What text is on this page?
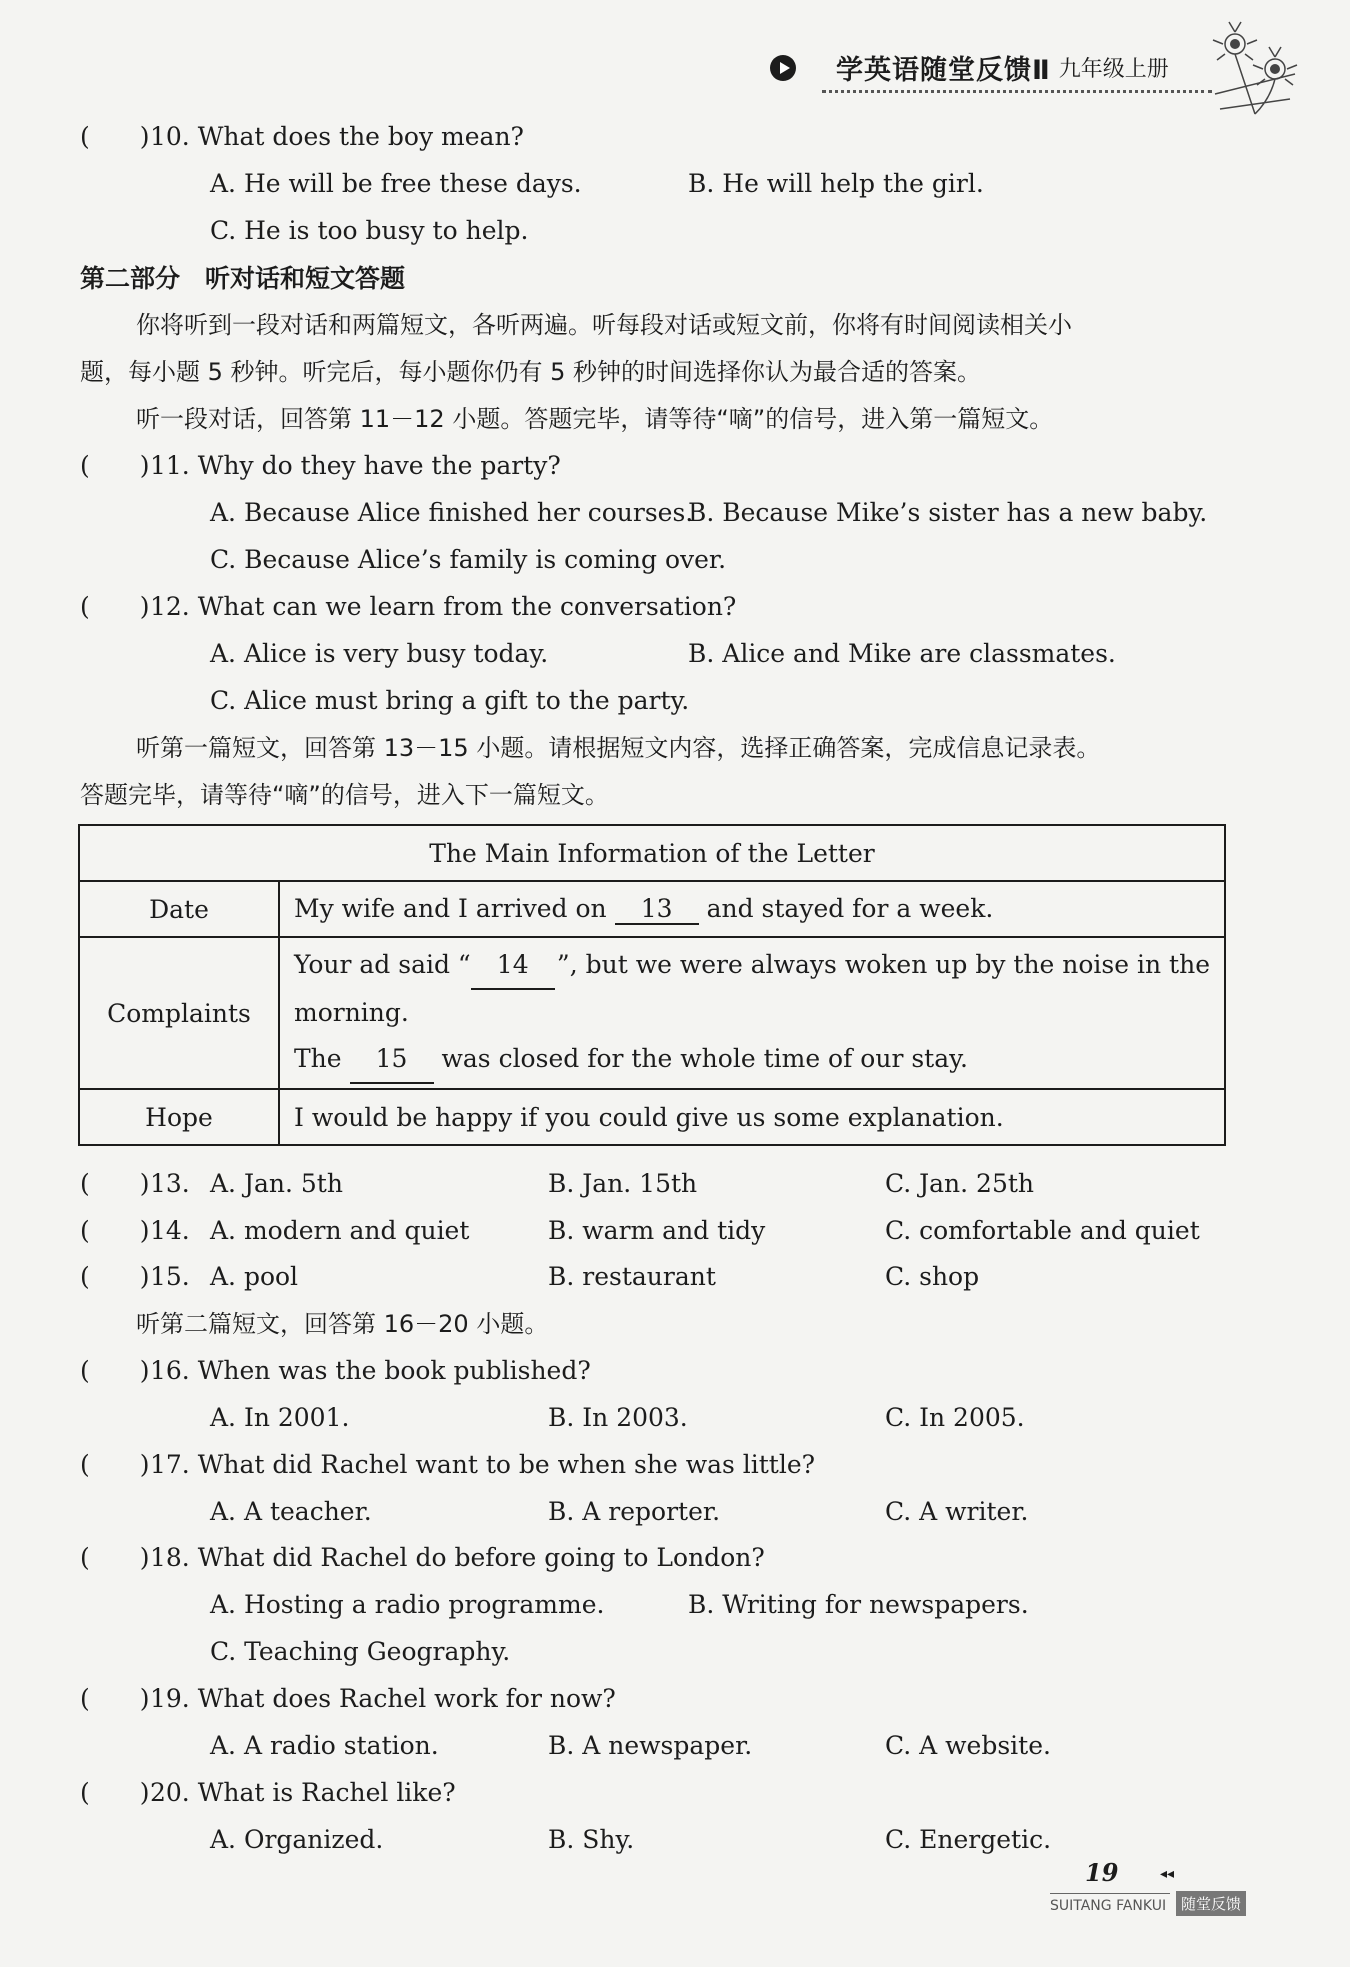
学英语随堂反馈Ⅱ 九年级上册
(　　) 10. What does the boy mean?
A. He will be free these days.	B. He will help the girl.
C. He is too busy to help.
第二部分　听对话和短文答题
你将听到一段对话和两篇短文，各听两遍。听每段对话或短文前，你将有时间阅读相关小
题，每小题 5 秒钟。听完后，每小题你仍有 5 秒钟的时间选择你认为最合适的答案。
听一段对话，回答第 11－12 小题。答题完毕，请等待“嘀”的信号，进入第一篇短文。
(　　) 11. Why do they have the party?
A. Because Alice finished her courses.
B. Because Mike’s sister has a new baby.
C. Because Alice’s family is coming over.
(　　) 12. What can we learn from the conversation?
A. Alice is very busy today.	B. Alice and Mike are classmates.
C. Alice must bring a gift to the party.
听第一篇短文，回答第 13－15 小题。请根据短文内容，选择正确答案，完成信息记录表。
答题完毕，请等待“嘀”的信号，进入下一篇短文。
The Main Information of the Letter	
Date	My wife and I arrived on 13 and stayed for a week.
Complaints	Your ad said “ 14 ”, but we were always woken up by the noise in the
morning.
The 15 was closed for the whole time of our stay.

Hope	I would be happy if you could give us some explanation.
(　　) 13. A. Jan. 5th	B. Jan. 15th	C. Jan. 25th
(　　) 14. A. modern and quiet	B. warm and tidy	C. comfortable and quiet
(　　) 15. A. pool	B. restaurant	C. shop
听第二篇短文，回答第 16－20 小题。
(　　) 16. When was the book published?
A. In 2001.	B. In 2003.	C. In 2005.
(　　) 17. What did Rachel want to be when she was little?
A. A teacher.	B. A reporter.	C. A writer.
(　　) 18. What did Rachel do before going to London?
A. Hosting a radio programme.	B. Writing for newspapers.
C. Teaching Geography.
(　　) 19. What does Rachel work for now?
A. A radio station.	B. A newspaper.	C. A website.
(　　) 20. What is Rachel like?
A. Organized.	B. Shy.	C. Energetic.
19	◂◂
SUITANG FANKUI 随堂反馈
